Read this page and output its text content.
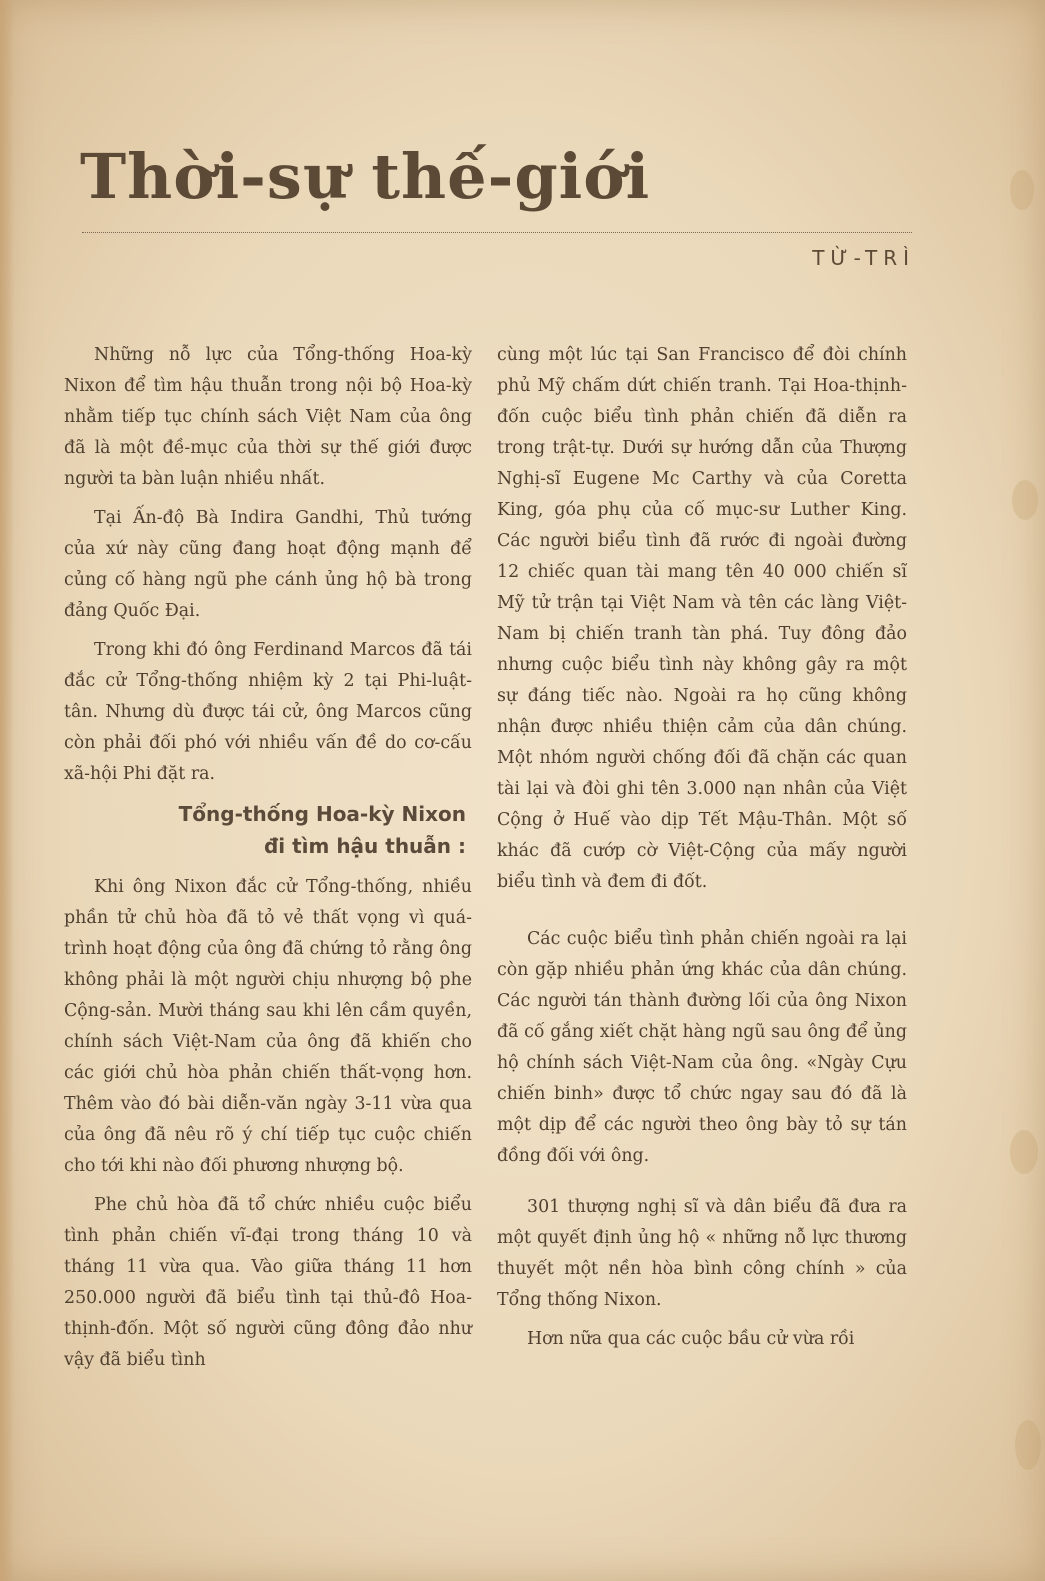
Thời-sự thế-giới
TỪ-TRÌ

Những nỗ lực của Tổng-thống Hoa-kỳ Nixon để tìm hậu thuẫn trong nội bộ Hoa-kỳ nhằm tiếp tục chính sách Việt Nam của ông đã là một đề-mục của thời sự thế giới được người ta bàn luận nhiều nhất.

Tại Ấn-độ Bà Indira Gandhi, Thủ tướng của xứ này cũng đang hoạt động mạnh để củng cố hàng ngũ phe cánh ủng hộ bà trong đảng Quốc Đại.

Trong khi đó ông Ferdinand Marcos đã tái đắc cử Tổng-thống nhiệm kỳ 2 tại Phi-luật-tân. Nhưng dù được tái cử, ông Marcos cũng còn phải đối phó với nhiều vấn đề do cơ-cấu xã-hội Phi đặt ra.

Tổng-thống Hoa-kỳ Nixon
đi tìm hậu thuẫn :

Khi ông Nixon đắc cử Tổng-thống, nhiều phần tử chủ hòa đã tỏ vẻ thất vọng vì quá-trình hoạt động của ông đã chứng tỏ rằng ông không phải là một người chịu nhượng bộ phe Cộng-sản. Mười tháng sau khi lên cầm quyền, chính sách Việt-Nam của ông đã khiến cho các giới chủ hòa phản chiến thất-vọng hơn. Thêm vào đó bài diễn-văn ngày 3-11 vừa qua của ông đã nêu rõ ý chí tiếp tục cuộc chiến cho tới khi nào đối phương nhượng bộ.

Phe chủ hòa đã tổ chức nhiều cuộc biểu tình phản chiến vĩ-đại trong tháng 10 và tháng 11 vừa qua. Vào giữa tháng 11 hơn 250.000 người đã biểu tình tại thủ-đô Hoa-thịnh-đốn. Một số người cũng đông đảo như vậy đã biểu tình

cùng một lúc tại San Francisco để đòi chính phủ Mỹ chấm dứt chiến tranh. Tại Hoa-thịnh-đốn cuộc biểu tình phản chiến đã diễn ra trong trật-tự. Dưới sự hướng dẫn của Thượng Nghị-sĩ Eugene Mc Carthy và của Coretta King, góa phụ của cố mục-sư Luther King. Các người biểu tình đã rước đi ngoài đường 12 chiếc quan tài mang tên 40 000 chiến sĩ Mỹ tử trận tại Việt Nam và tên các làng Việt-Nam bị chiến tranh tàn phá. Tuy đông đảo nhưng cuộc biểu tình này không gây ra một sự đáng tiếc nào. Ngoài ra họ cũng không nhận được nhiều thiện cảm của dân chúng. Một nhóm người chống đối đã chặn các quan tài lại và đòi ghi tên 3.000 nạn nhân của Việt Cộng ở Huế vào dịp Tết Mậu-Thân. Một số khác đã cướp cờ Việt-Cộng của mấy người biểu tình và đem đi đốt.

Các cuộc biểu tình phản chiến ngoài ra lại còn gặp nhiều phản ứng khác của dân chúng. Các người tán thành đường lối của ông Nixon đã cố gắng xiết chặt hàng ngũ sau ông để ủng hộ chính sách Việt-Nam của ông. «Ngày Cựu chiến binh» được tổ chức ngay sau đó đã là một dịp để các người theo ông bày tỏ sự tán đồng đối với ông.

301 thượng nghị sĩ và dân biểu đã đưa ra một quyết định ủng hộ « những nỗ lực thương thuyết một nền hòa bình công chính » của Tổng thống Nixon.

Hơn nữa qua các cuộc bầu cử vừa rồi
